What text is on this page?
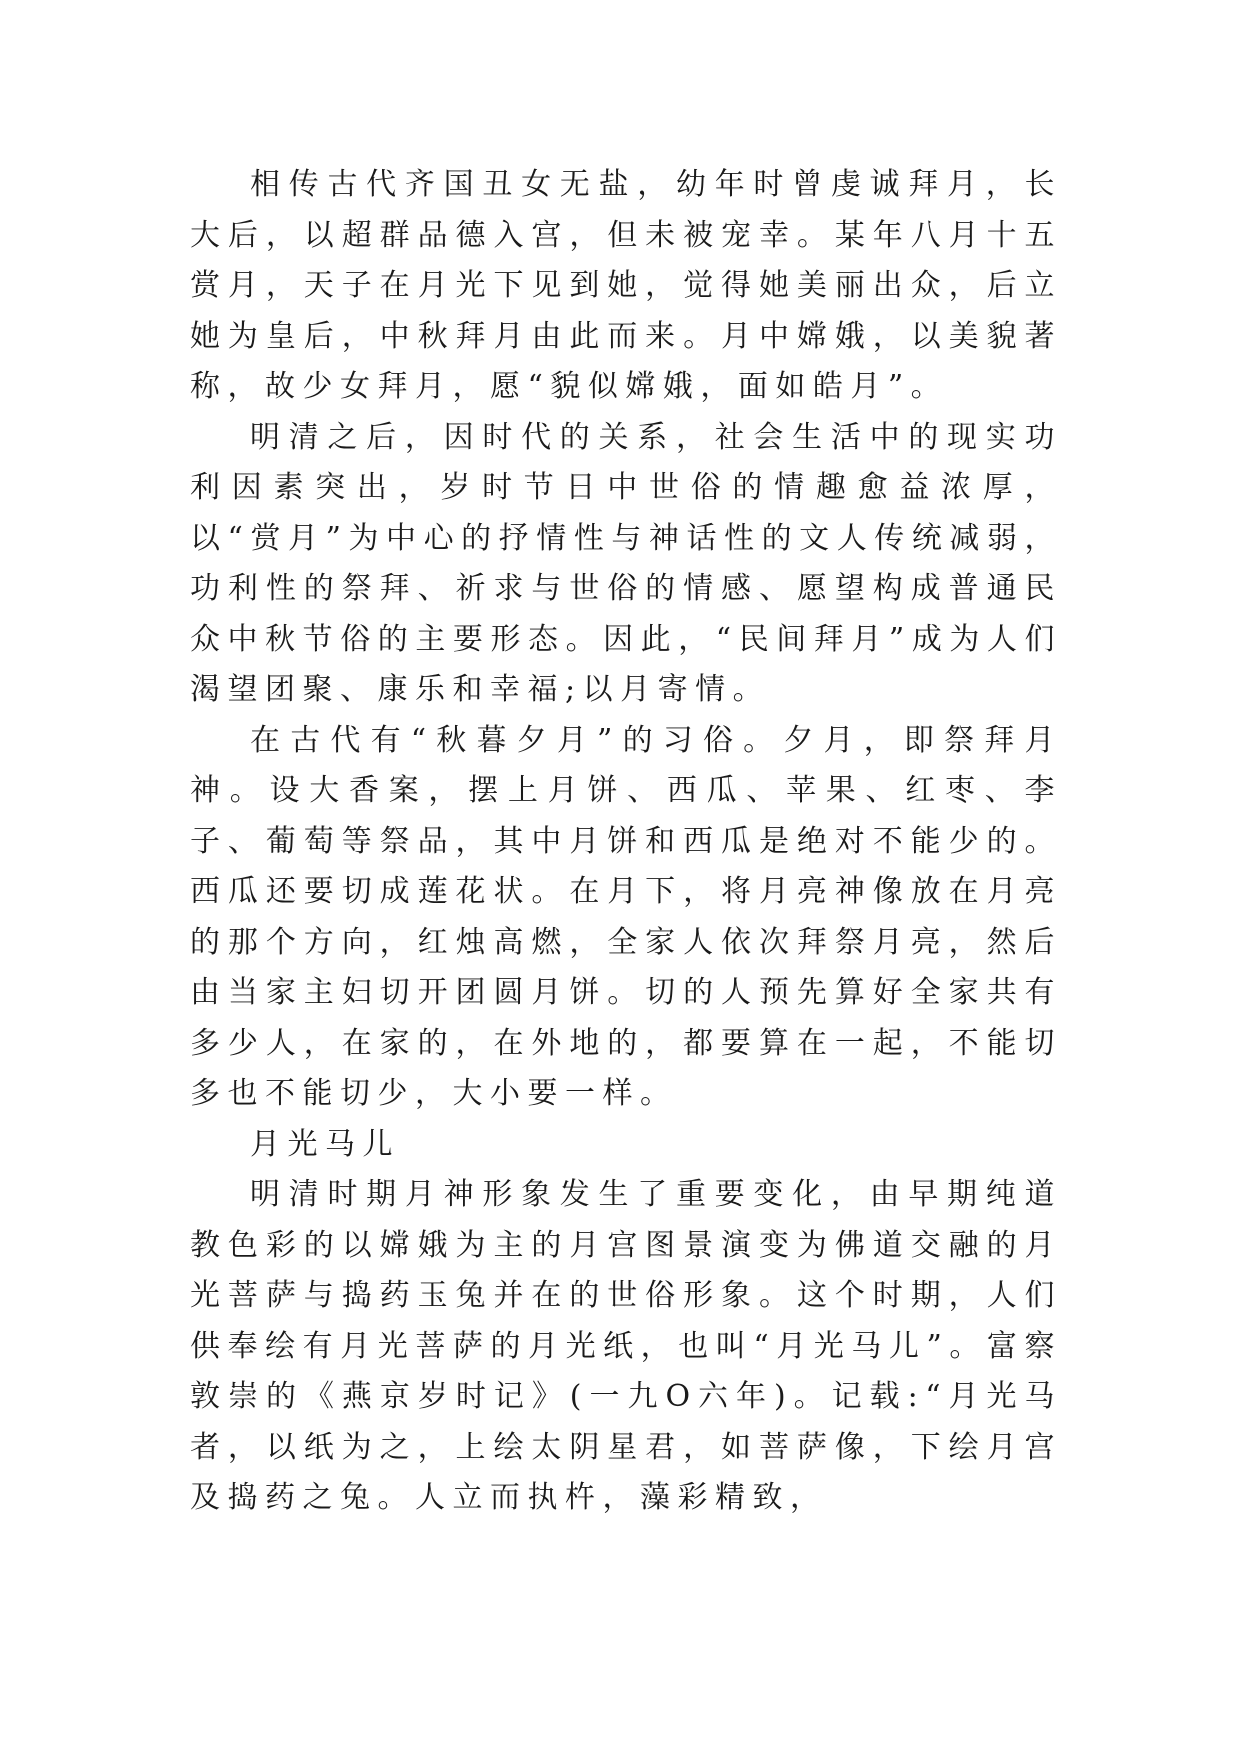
相传古代齐国丑女无盐，幼年时曾虔诚拜月，长大后，以超群品德入宫，但未被宠幸。某年八月十五赏月，天子在月光下见到她，觉得她美丽出众，后立她为皇后，中秋拜月由此而来。月中嫦娥，以美貌著称，故少女拜月，愿“貌似嫦娥，面如皓月”。

明清之后，因时代的关系，社会生活中的现实功利因素突出，岁时节日中世俗的情趣愈益浓厚，以“赏月”为中心的抒情性与神话性的文人传统减弱，功利性的祭拜、祈求与世俗的情感、愿望构成普通民众中秋节俗的主要形态。因此，“民间拜月”成为人们渴望团聚、康乐和幸福;以月寄情。

在古代有“秋暮夕月”的习俗。夕月，即祭拜月神。设大香案，摆上月饼、西瓜、苹果、红枣、李子、葡萄等祭品，其中月饼和西瓜是绝对不能少的。西瓜还要切成莲花状。在月下，将月亮神像放在月亮的那个方向，红烛高燃，全家人依次拜祭月亮，然后由当家主妇切开团圆月饼。切的人预先算好全家共有多少人，在家的，在外地的，都要算在一起，不能切多也不能切少，大小要一样。

月光马儿

明清时期月神形象发生了重要变化，由早期纯道教色彩的以嫦娥为主的月宫图景演变为佛道交融的月光菩萨与捣药玉兔并在的世俗形象。这个时期，人们供奉绘有月光菩萨的月光纸，也叫“月光马儿”。富察敦崇的《燕京岁时记》(一九O六年)。记载:“月光马者，以纸为之，上绘太阴星君，如菩萨像，下绘月宫及捣药之兔。人立而执杵，藻彩精致，
